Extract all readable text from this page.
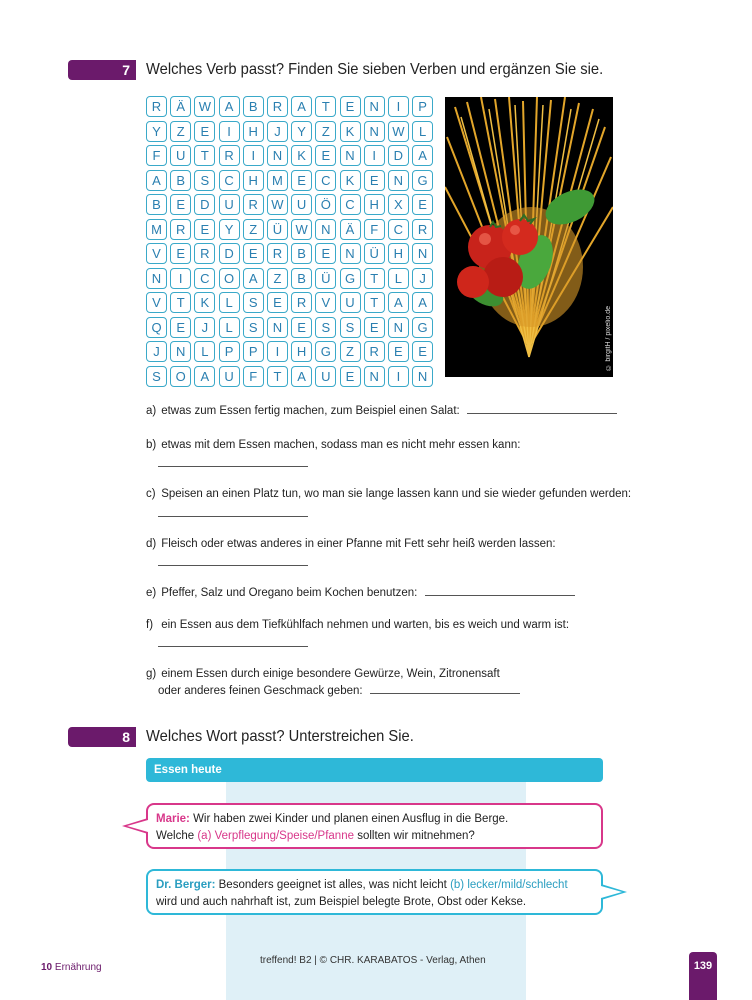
7	Welches Verb passt? Finden Sie sieben Verben und ergänzen Sie sie.
R	Ä	W	A	B	R	A	T	E	N	I	P
Y	Z	E	I	H	J	Y	Z	K	N	W	L
F	U	T	R	I	N	K	E	N	I	D	A
A	B	S	C	H	M	E	C	K	E	N	G
B	E	D	U	R	W	U	Ö	C	H	X	E
M	R	E	Y	Z	Ü	W	N	Ä	F	C	R
V	E	R	D	E	R	B	E	N	Ü	H	N
N	I	C	O	A	Z	B	Ü	G	T	L	J
V	T	K	L	S	E	R	V	U	T	A	A
Q	E	J	L	S	N	E	S	S	E	N	G
J	N	L	P	P	I	H	G	Z	R	E	E
S	O	A	U	F	T	A	U	E	N	I	N
© birgitH / pixelio.de
a) etwas zum Essen fertig machen, zum Beispiel einen Salat:
b) etwas mit dem Essen machen, sodass man es nicht mehr essen kann:
c) Speisen an einen Platz tun, wo man sie lange lassen kann und sie wieder gefunden werden:
d) Fleisch oder etwas anderes in einer Pfanne mit Fett sehr heiß werden lassen:
e) Pfeffer, Salz und Oregano beim Kochen benutzen:
f) ein Essen aus dem Tiefkühlfach nehmen und warten, bis es weich und warm ist:
g) einem Essen durch einige besondere Gewürze, Wein, Zitronensaft
oder anderes feinen Geschmack geben:
8	Welches Wort passt? Unterstreichen Sie.
Essen heute
Marie: Wir haben zwei Kinder und planen einen Ausflug in die Berge.
Welche (a) Verpflegung/Speise/Pfanne sollten wir mitnehmen?
Dr. Berger: Besonders geeignet ist alles, was nicht leicht (b) lecker/mild/schlecht
wird und auch nahrhaft ist, zum Beispiel belegte Brote, Obst oder Kekse.
10 Ernährung
treffend! B2 | © CHR. KARABATOS - Verlag, Athen	139
